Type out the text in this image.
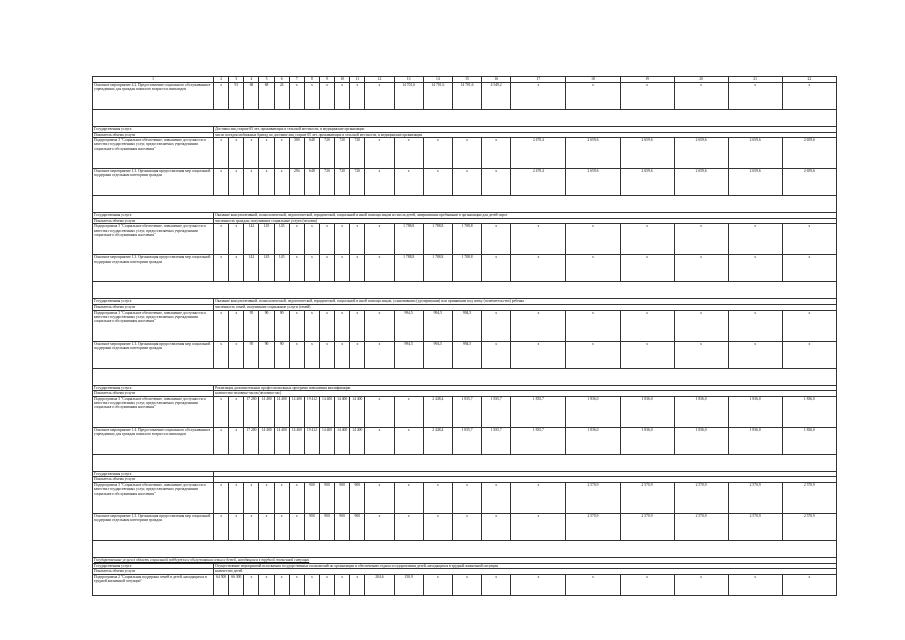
1	2	3	4	5	6	7	8	9	10	11	12	13	14	15	16	17	18	19	20	21	22
Основное мероприятие 4.2. Предоставление социального обслуживания в учреждениях для граждан пожилого возраста и инвалидов	x	91	68	68	24	x	x	x	x	x	x	14 701,6	14 701,6	14 701,6	4 549,2	x	x	x	x	x	x

Государственная услуга	Доставка лиц старше 65 лет, проживающих в сельской местности, в медицинские организации																				
Показатель объема услуги	число поездок мобильных бригад по доставке лиц старше 65 лет, проживающих в сельской местности, в медицинские организации																				
Подпрограмма 3 "Социальное обеспечение, повышение доступности и качества государственных услуг, предоставляемых учреждениями социального обслуживания населения"	x	x	x	x	x	300	648	720	720	720	x	x	x	x	x	2 470,4	2 659,6	2 659,6	2 659,6	2 659,6	2 659,6
Основное мероприятие 1.3. Организация предоставления мер социальной поддержки отдельным категориям граждан	x	x	x	x	x	294	648	720	720	720	x	x	x	x	x	2 470,4	2 659,6	2 659,6	2 659,6	2 659,6	2 659,6

Государственная услуга	Оказание консультативной, психологической, педагогической, юридической, социальной и иной помощи лицам из числа детей, завершивших пребывание в организации для детей-сирот																				
Показатель объема услуги	численность граждан, получивших социальные услуги (человек)																				
Подпрограмма 3 "Социальное обеспечение, повышение доступности и качества государственных услуг, предоставляемых учреждениями социального обслуживания населения"	x	x	142	145	145	x	x	x	x	x	x	1 788,8	1 788,8	1 788,8	x	x	x	x	x	x	x
Основное мероприятие 1.3. Организация предоставления мер социальной поддержки отдельным категориям граждан	x	x	142	145	145	x	x	x	x	x	x	1 788,8	1 788,8	1 788,8	x	x	x	x	x	x	x

Государственная услуга	Оказание консультативной, психологической, педагогической, юридической, социальной и иной помощи лицам, усыновившим (удочерившим) или принявшим под опеку (попечительство) ребенка																				
Показатель объема услуги	численность семей, получивших социальные услуги (семей)																				
Подпрограмма 3 "Социальное обеспечение, повышение доступности и качества государственных услуг, предоставляемых учреждениями социального обслуживания населения"	x	x	95	90	90	x	x	x	x	x	x	994,5	994,5	994,5	x	x	x	x	x	x	x
Основное мероприятие 1.3. Организация предоставления мер социальной поддержки отдельным категориям граждан	x	x	95	90	90	x	x	x	x	x	x	994,5	994,5	994,5	x	x	x	x	x	x	x

Государственная услуга	Реализация дополнительных профессиональных программ повышения квалификации																				
Показатель объема услуги	количество человеко-часов (человеко-час)																				
Подпрограмма 3 "Социальное обеспечение, повышение доступности и качества государственных услуг, предоставляемых учреждениями социального обслуживания населения"	x	x	17 280	14 400	14 400	14 400	19 412	14 400	14 400	14 400	x	x	2 448,4	1 835,7	1 835,7	1 835,7	1 836,0	1 836,0	1 836,0	1 836,0	1 836,0
Основное мероприятие 1.4. Предоставление социального обслуживания в учреждениях для граждан пожилого возраста и инвалидов	x	x	17 280	14 400	14 400	14 400	19 412	14 400	14 400	14 400	x	x	2 448,4	1 835,7	1 835,7	1 835,7	1 836,0	1 836,0	1 836,0	1 836,0	1 836,0

Государственная услуга																					
Показатель объема услуги																					
Подпрограмма 3 "Социальное обеспечение, повышение доступности и качества государственных услуг, предоставляемых учреждениями социального обслуживания населения"	x	x	x	x	x	x	900	900	900	900	x	x	x	x	x	x	2 570,9	2 570,9	2 570,9	2 570,9	2 570,9
Основное мероприятие 1.3. Организация предоставления мер социальной поддержки отдельным категориям граждан	x	x	x	x	x	x	900	900	900	900	x	x	x	x	x	x	2 570,9	2 570,9	2 570,9	2 570,9	2 570,9

Государственные услуги в области социальной поддержки и обслуживания семьи и детей, находящихся в трудной жизненной ситуации																					
Государственная услуга	Осуществление мероприятий исполнения государственных полномочий по организации и обеспечению отдыха и оздоровления детей, находящихся в трудной жизненной ситуации																				
Показатель объема услуги	количество детей																				
Подпрограмма 2 "Социальная поддержка семей и детей, находящихся в трудной жизненной ситуации"	64 500	66 300	x	x	x	x	x	x	x	x	204,6	150,9	x	x	x	x	x	x	x	x	x
